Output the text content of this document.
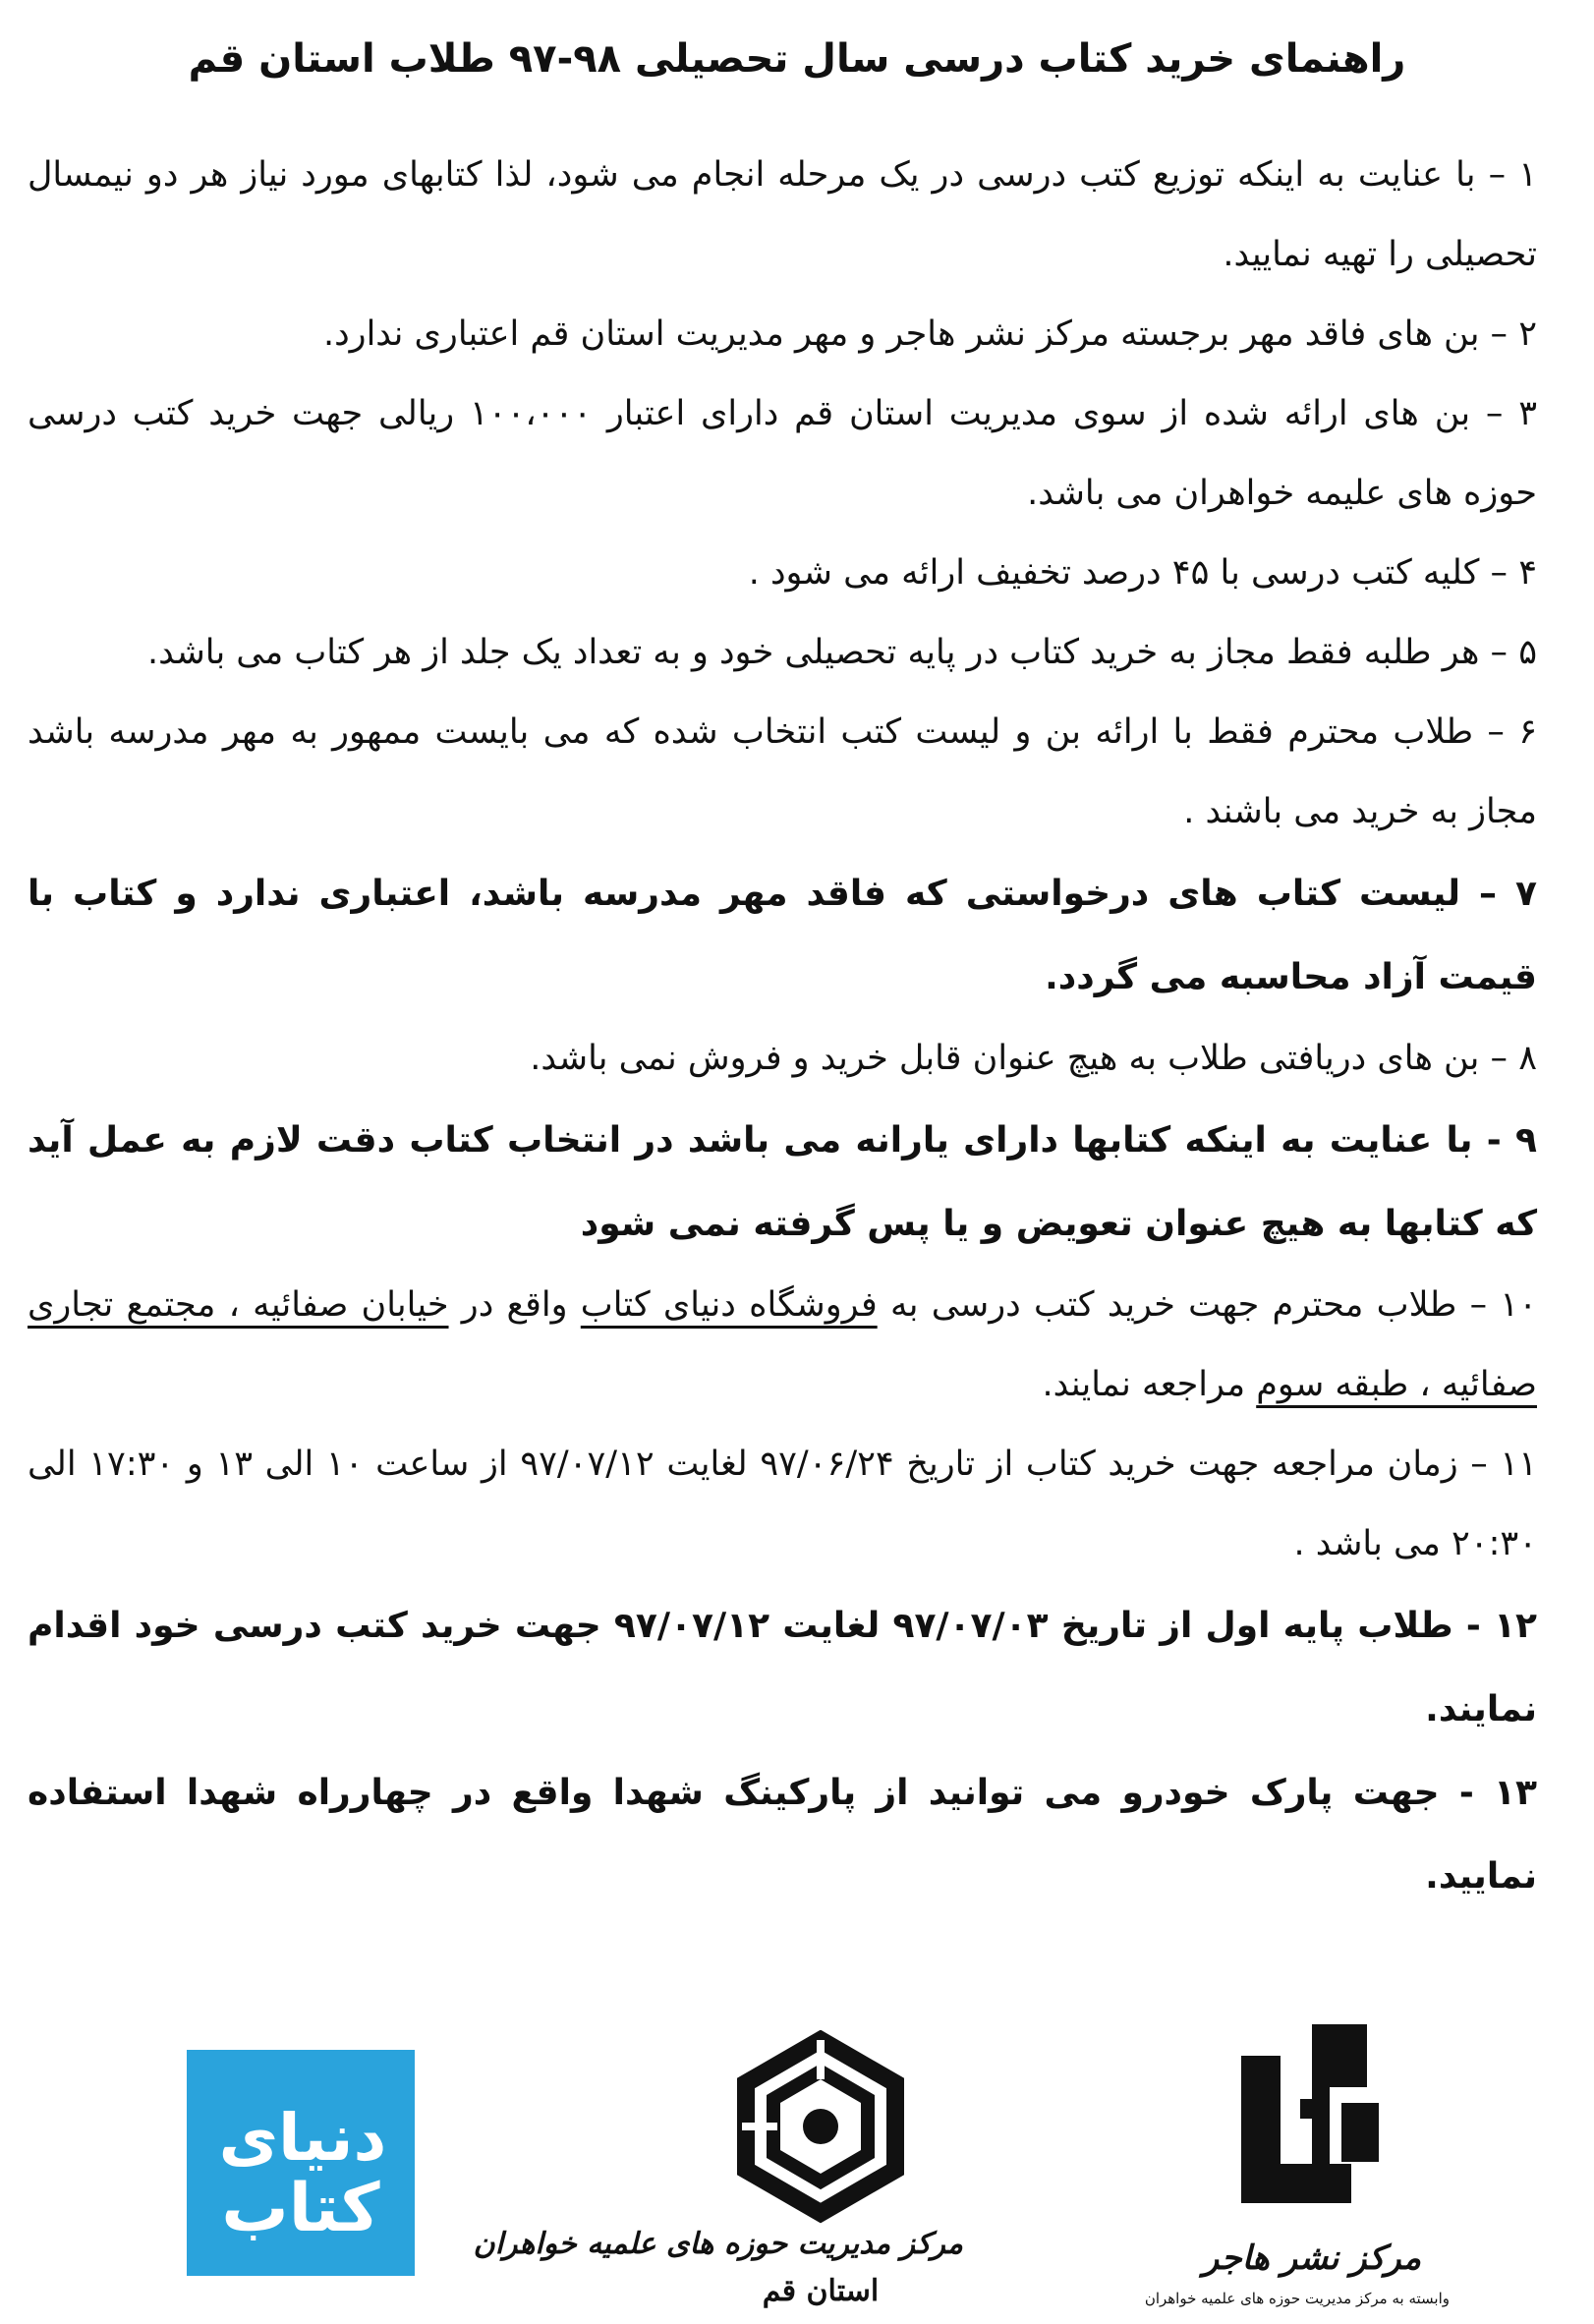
راهنمای خرید کتاب درسی سال تحصیلی ۹۸-۹۷ طلاب استان قم

۱ – با عنایت به اینکه توزیع کتب درسی در یک مرحله انجام می شود، لذا کتابهای مورد نیاز هر دو نیمسال تحصیلی را تهیه نمایید.

۲ – بن های فاقد مهر برجسته مرکز نشر هاجر و مهر مدیریت استان قم اعتباری ندارد.

۳ – بن های ارائه شده از سوی مدیریت استان قم دارای اعتبار ۱۰۰،۰۰۰ ریالی جهت خرید کتب درسی حوزه های علیمه خواهران می باشد.

۴ – کلیه کتب درسی با ۴۵ درصد تخفیف ارائه می شود .

۵ – هر طلبه فقط مجاز به خرید کتاب در پایه تحصیلی خود و به تعداد یک جلد از هر کتاب می باشد.

۶ – طلاب محترم فقط با ارائه بن و لیست کتب انتخاب شده که می بایست ممهور به مهر مدرسه باشد مجاز به خرید می باشند .

۷ – لیست کتاب های درخواستی که فاقد مهر مدرسه باشد، اعتباری ندارد و کتاب با قیمت آزاد محاسبه می گردد.

۸ – بن های دریافتی طلاب به هیچ عنوان قابل خرید و فروش نمی باشد.

۹ - با عنایت به اینکه کتابها دارای یارانه می باشد در انتخاب کتاب دقت لازم به عمل آید که کتابها به هیچ عنوان تعویض و یا پس گرفته نمی شود

۱۰ – طلاب محترم جهت خرید کتب درسی به فروشگاه دنیای کتاب واقع در خیابان صفائیه ، مجتمع تجاری صفائیه ، طبقه سوم مراجعه نمایند.

۱۱ – زمان مراجعه جهت خرید کتاب از تاریخ ۹۷/۰۶/۲۴ لغایت ۹۷/۰۷/۱۲ از ساعت ۱۰ الی ۱۳ و ۱۷:۳۰ الی ۲۰:۳۰ می باشد .

۱۲ - طلاب پایه اول از تاریخ ۹۷/۰۷/۰۳ لغایت ۹۷/۰۷/۱۲ جهت خرید کتب درسی خود اقدام نمایند.

۱۳ - جهت پارک خودرو می توانید از پارکینگ شهدا واقع در چهارراه شهدا استفاده نمایید.

دنیای
کتاب	مرکز مدیریت حوزه های علمیه خواهران
استان قم
مرکز نشر هاجر
وابسته به مرکز مدیریت حوزه های علمیه خواهران
